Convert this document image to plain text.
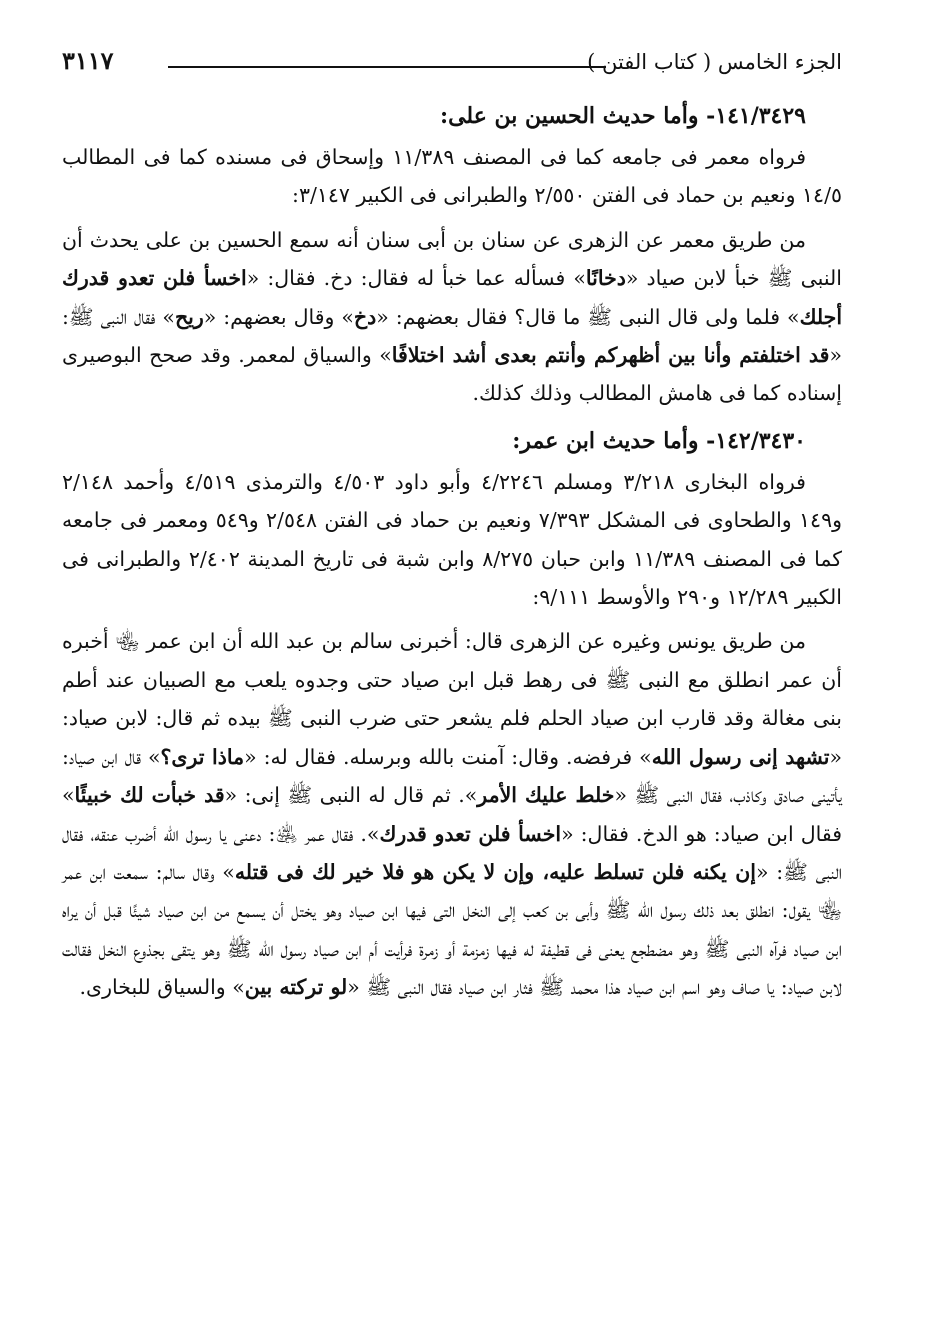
الجزء الخامس ( كتاب الفتن )
٣١١٧
١٤١/٣٤٢٩- وأما حديث الحسين بن على:

فرواه معمر فى جامعه كما فى المصنف ١١/٣٨٩ وإسحاق فى مسنده كما فى المطالب ١٤/٥ ونعيم بن حماد فى الفتن ٢/٥٥٠ والطبرانى فى الكبير ٣/١٤٧:

من طريق معمر عن الزهرى عن سنان بن أبى سنان أنه سمع الحسين بن على يحدث أن النبى ﷺ خبأ لابن صياد «دخانًا» فسأله عما خبأ له فقال: دخ. فقال: «اخسأ فلن تعدو قدرك أجلك» فلما ولى قال النبى ﷺ ما قال؟ فقال بعضهم: «دخ» وقال بعضهم: «ريح» فقال النبى ﷺ: «قد اختلفتم وأنا بين أظهركم وأنتم بعدى أشد اختلافًا» والسياق لمعمر. وقد صحح البوصيرى إسناده كما فى هامش المطالب وذلك كذلك.

١٤٢/٣٤٣٠- وأما حديث ابن عمر:

فرواه البخارى ٣/٢١٨ ومسلم ٤/٢٢٤٦ وأبو داود ٤/٥٠٣ والترمذى ٤/٥١٩ وأحمد ٢/١٤٨ و١٤٩ والطحاوى فى المشكل ٧/٣٩٣ ونعيم بن حماد فى الفتن ٢/٥٤٨ و٥٤٩ ومعمر فى جامعه كما فى المصنف ١١/٣٨٩ وابن حبان ٨/٢٧٥ وابن شبة فى تاريخ المدينة ٢/٤٠٢ والطبرانى فى الكبير ١٢/٢٨٩ و٢٩٠ والأوسط ٩/١١١:

من طريق يونس وغيره عن الزهرى قال: أخبرنى سالم بن عبد الله أن ابن عمر ﵄ أخبره أن عمر انطلق مع النبى ﷺ فى رهط قبل ابن صياد حتى وجدوه يلعب مع الصبيان عند أطم بنى مغالة وقد قارب ابن صياد الحلم فلم يشعر حتى ضرب النبى ﷺ بيده ثم قال: لابن صياد: «تشهد إنى رسول الله» فرفضه. وقال: آمنت بالله وبرسله. فقال له: «ماذا ترى؟» قال ابن صياد: يأتينى صادق وكاذب، فقال النبى ﷺ «خلط عليك الأمر». ثم قال له النبى ﷺ إنى: «قد خبأت لك خبيئًا» فقال ابن صياد: هو الدخ. فقال: «اخسأ فلن تعدو قدرك». فقال عمر ﵁: دعنى يا رسول الله أضرب عنقه، فقال النبى ﷺ: «إن يكنه فلن تسلط عليه، وإن لا يكن هو فلا خير لك فى قتله» وقال سالم: سمعت ابن عمر ﵄ يقول: انطلق بعد ذلك رسول الله ﷺ وأبى بن كعب إلى النخل التى فيها ابن صياد وهو يختل أن يسمع من ابن صياد شيئًا قبل أن يراه ابن صياد فرآه النبى ﷺ وهو مضطجع يعنى فى قطيفة له فيها زمزمة أو زمرة فرأيت أم ابن صياد رسول الله ﷺ وهو يتقى بجذوع النخل فقالت لابن صياد: يا صاف وهو اسم ابن صياد هذا محمد ﷺ فثار ابن صياد فقال النبى ﷺ «لو تركته بين» والسياق للبخارى.
